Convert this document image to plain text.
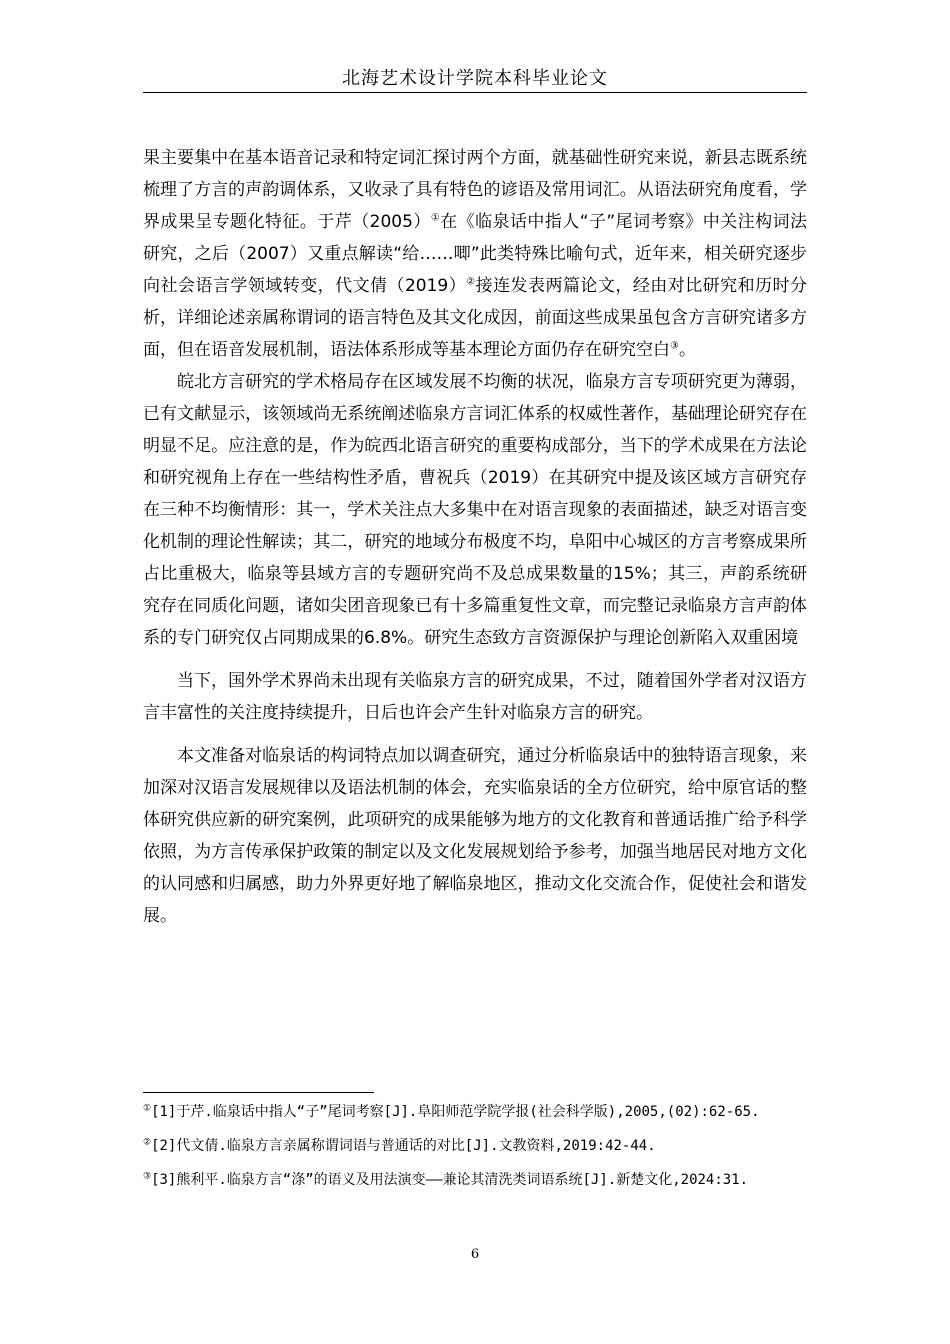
北海艺术设计学院本科毕业论文

果主要集中在基本语音记录和特定词汇探讨两个方面，就基础性研究来说，新县志既系统梳理了方言的声韵调体系，又收录了具有特色的谚语及常用词汇。从语法研究角度看，学界成果呈专题化特征。于芹（2005）①在《临泉话中指人“子”尾词考察》中关注构词法研究，之后（2007）又重点解读“给……唧”此类特殊比喻句式，近年来，相关研究逐步向社会语言学领域转变，代文倩（2019）②接连发表两篇论文，经由对比研究和历时分析，详细论述亲属称谓词的语言特色及其文化成因，前面这些成果虽包含方言研究诸多方面，但在语音发展机制，语法体系形成等基本理论方面仍存在研究空白③。

皖北方言研究的学术格局存在区域发展不均衡的状况，临泉方言专项研究更为薄弱，已有文献显示，该领域尚无系统阐述临泉方言词汇体系的权威性著作，基础理论研究存在明显不足。应注意的是，作为皖西北语言研究的重要构成部分，当下的学术成果在方法论和研究视角上存在一些结构性矛盾，曹祝兵（2019）在其研究中提及该区域方言研究存在三种不均衡情形：其一，学术关注点大多集中在对语言现象的表面描述，缺乏对语言变化机制的理论性解读；其二，研究的地域分布极度不均，阜阳中心城区的方言考察成果所占比重极大，临泉等县域方言的专题研究尚不及总成果数量的15%；其三，声韵系统研究存在同质化问题，诸如尖团音现象已有十多篇重复性文章，而完整记录临泉方言声韵体系的专门研究仅占同期成果的6.8%。研究生态致方言资源保护与理论创新陷入双重困境

当下，国外学术界尚未出现有关临泉方言的研究成果，不过，随着国外学者对汉语方言丰富性的关注度持续提升，日后也许会产生针对临泉方言的研究。

本文准备对临泉话的构词特点加以调查研究，通过分析临泉话中的独特语言现象，来加深对汉语言发展规律以及语法机制的体会，充实临泉话的全方位研究，给中原官话的整体研究供应新的研究案例，此项研究的成果能够为地方的文化教育和普通话推广给予科学依照，为方言传承保护政策的制定以及文化发展规划给予参考，加强当地居民对地方文化的认同感和归属感，助力外界更好地了解临泉地区，推动文化交流合作，促使社会和谐发展。

①[1]于芹.临泉话中指人“子”尾词考察[J].阜阳师范学院学报(社会科学版),2005,(02):62-65.

②[2]代文倩.临泉方言亲属称谓词语与普通话的对比[J].文教资料,2019:42-44.

③[3]熊利平.临泉方言“涤”的语义及用法演变——兼论其清洗类词语系统[J].新楚文化,2024:31.

6
